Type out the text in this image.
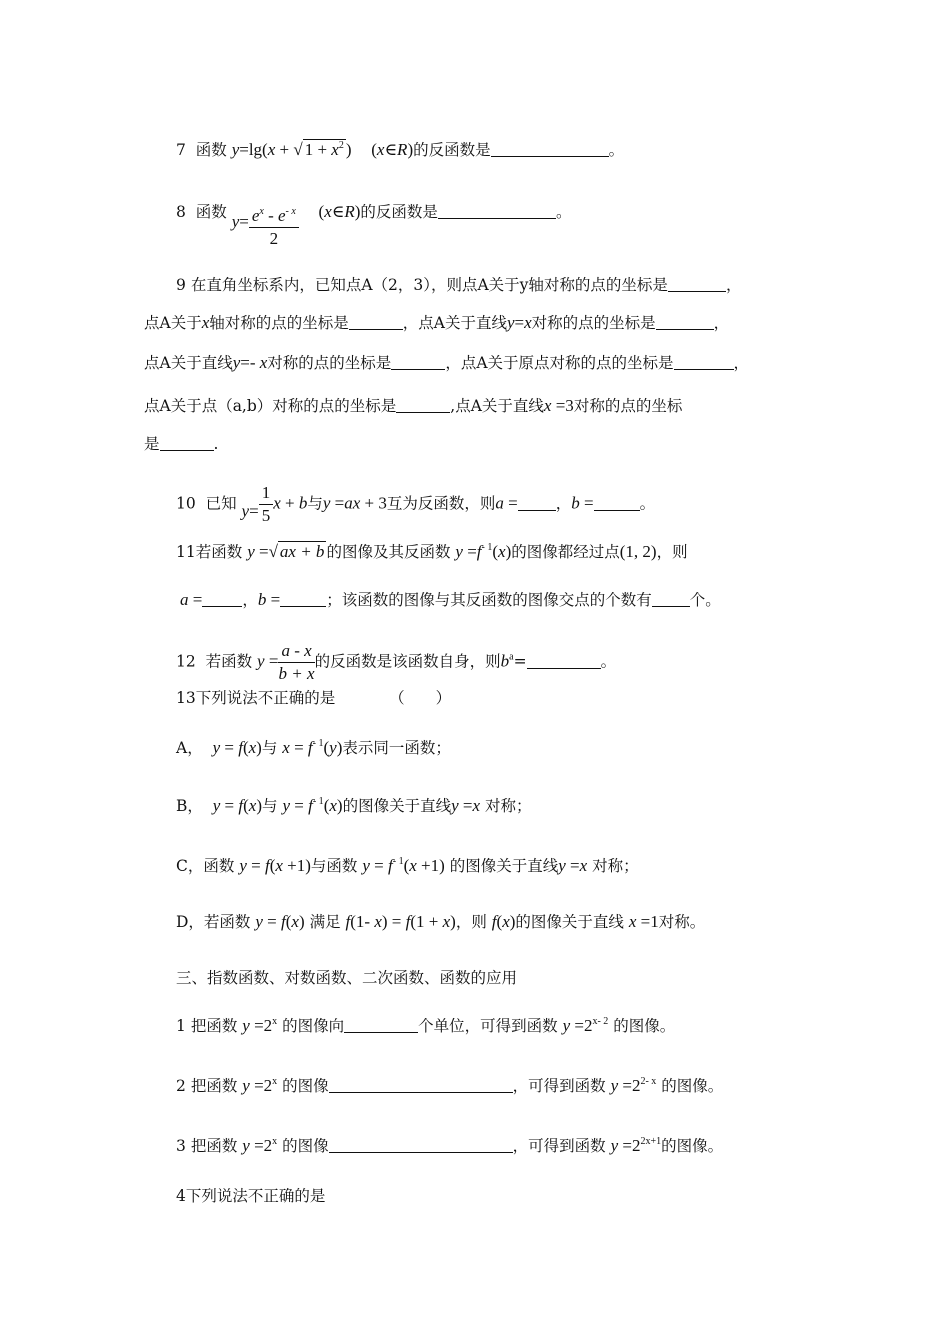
7 函数 y=lg(x + √ $1 + x^2$ ) (x∈R)的反函数是	。
8 函数 $y= \frac{e^x - e^{- x}}{2}$ (x∈R)的反函数是	。
9 在直角坐标系内，已知点A（2，3），则点A关于y轴对称的点的坐标是	，
点A关于x轴对称的点的坐标是	，点A关于直线y=x对称的点的坐标是	，
点A关于直线y=- x对称的点的坐标是	，点A关于原点对称的点的坐标是	，
点A关于点（a,b）对称的点的坐标是	,点A关于直线x =3对称的点的坐标
是	.
10 已知 $y= \frac{1}{5}$ x + b与y =ax + 3互为反函数，则a = ，b =	。
11若函数 y =√ ax + b 的图像及其反函数 $y =f^{- 1}(x)$的图像都经过点(1, 2)，则
a =	，b =	；该函数的图像与其反函数的图像交点的个数有 个。
12 若函数 $y = \frac{a - x}{b + x}$ 的反函数是该函数自身，则$b^a=$	。
13下列说法不正确的是	（　　）
A， y = f(x)与 $x = f^{- 1}(y)$表示同一函数；
B， y = f(x)与 $y = f^{- 1}(x)$的图像关于直线y =x 对称；
C，函数 y = f(x +1)与函数 $y = f^{- 1}(x +1)$ 的图像关于直线y =x 对称；
D，若函数 y = f(x) 满足 f(1- x) = f(1 + x)，则 f(x)的图像关于直线 x =1对称。
三、指数函数、对数函数、二次函数、函数的应用
1 把函数 $y =2^x$ 的图像向	个单位，可得到函数 $y =2^{x- 2}$ 的图像。
2 把函数 $y =2^x$ 的图像	，可得到函数 $y =2^{2- x}$ 的图像。
3 把函数 $y =2^x$ 的图像	，可得到函数 $y =2^{2x+1}$的图像。
4下列说法不正确的是
